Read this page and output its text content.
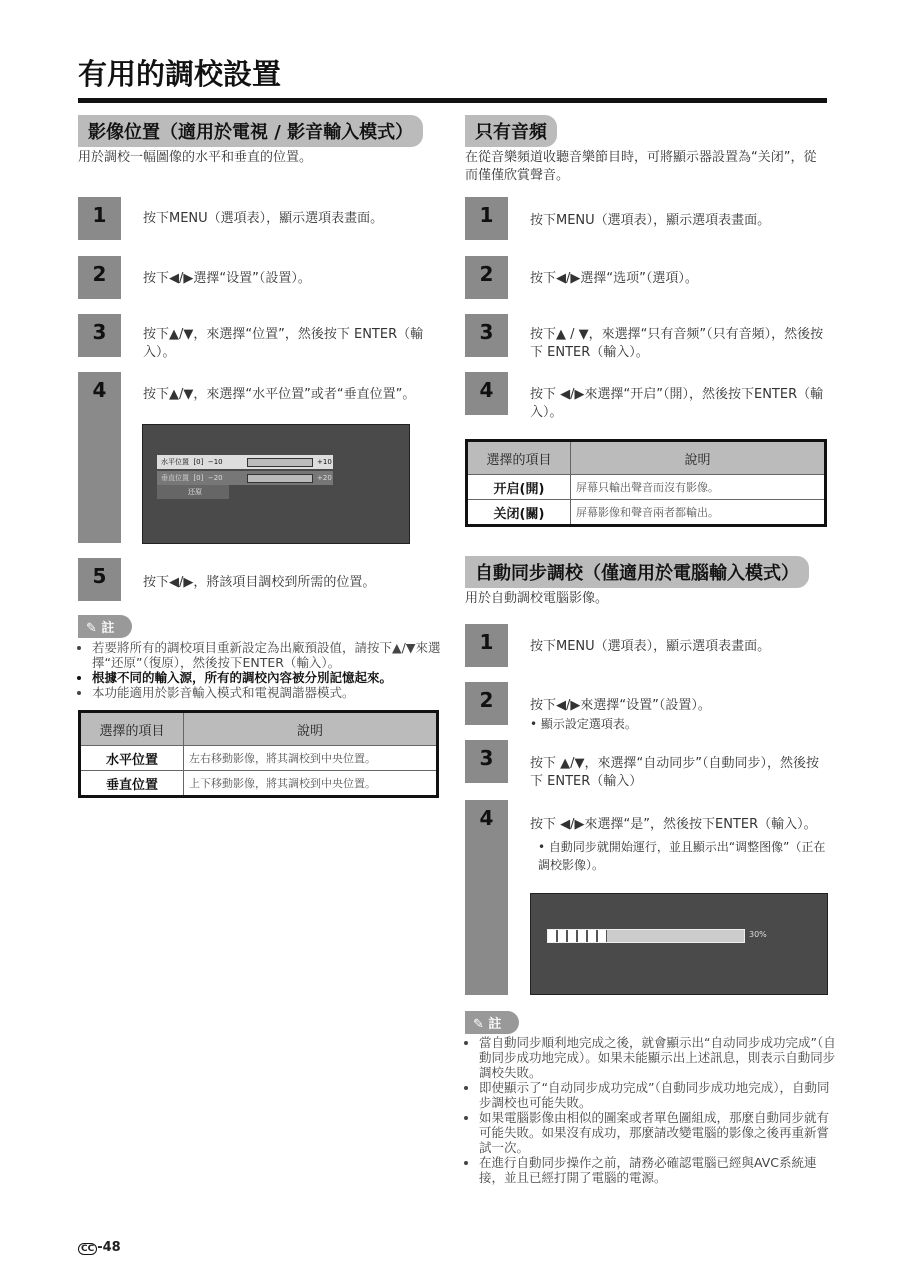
有用的調校設置
影像位置（適用於電視 / 影音輸入模式）
用於調校一幅圖像的水平和垂直的位置。
1	按下MENU（選項表），顯示選項表畫面。
2	按下◀/▶選擇“设置”（設置）。
3	按下▲/▼，來選擇“位置”，然後按下 ENTER（輸入）。
4	按下▲/▼，來選擇“水平位置”或者“垂直位置”。
水平位置 [0] −10	+10
垂直位置 [0] −20	+20
还原
5	按下◀/▶，將該項目調校到所需的位置。
✎ 註
• 若要將所有的調校項目重新設定為出廠預設值，請按下▲/▼來選擇“还原”（復原），然後按下ENTER（輸入）。
• 根據不同的輸入源，所有的調校內容被分別記憶起來。
• 本功能適用於影音輸入模式和電視調諧器模式。
選擇的項目	說明
水平位置	左右移動影像，將其調校到中央位置。
垂直位置	上下移動影像，將其調校到中央位置。
只有音頻
在從音樂頻道收聽音樂節目時，可將顯示器設置為“关闭”，從而僅僅欣賞聲音。
1	按下MENU（選項表），顯示選項表畫面。
2	按下◀/▶選擇“选项”（選項）。
3	按下▲ / ▼，來選擇“只有音频”（只有音頻），然後按下 ENTER（輸入）。
4	按下 ◀/▶來選擇“开启”（開），然後按下ENTER（輸入）。
選擇的項目	說明
开启(開)	屏幕只輸出聲音而沒有影像。
关闭(關)	屏幕影像和聲音兩者都輸出。
自動同步調校（僅適用於電腦輸入模式）
用於自動調校電腦影像。
1	按下MENU（選項表），顯示選項表畫面。
2	按下◀/▶來選擇“设置”（設置）。
• 顯示設定選項表。
3	按下 ▲/▼，來選擇“自动同步”（自動同步），然後按下 ENTER（輸入）
4	按下 ◀/▶來選擇“是”，然後按下ENTER（輸入）。
• 自動同步就開始運行，並且顯示出“调整图像”（正在調校影像）。
30%
✎ 註
• 當自動同步順利地完成之後，就會顯示出“自动同步成功完成”（自動同步成功地完成）。如果未能顯示出上述訊息，則表示自動同步調校失敗。
• 即使顯示了“自动同步成功完成”（自動同步成功地完成），自動同步調校也可能失敗。
• 如果電腦影像由相似的圖案或者單色圖組成，那麼自動同步就有可能失敗。如果沒有成功，那麼請改變電腦的影像之後再重新嘗試一次。
• 在進行自動同步操作之前，請務必確認電腦已經與AVC系統連接，並且已經打開了電腦的電源。
CC -48
